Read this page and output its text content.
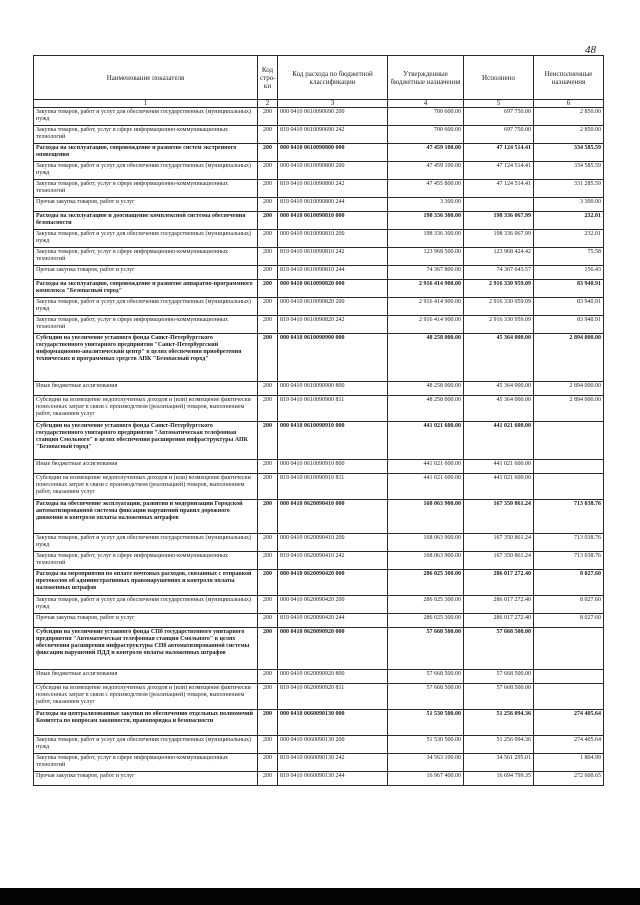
48
Наименование показателя	Код стро-ки	Код расхода по бюджетной классификации	Утвержденные бюджетные назначения	Исполнено	Неисполненные назначения
1	2	3	4	5	6
Закупка товаров, работ и услуг для обеспечения государственных (муниципальных) нужд	200	000 0410 0610090690 200	700 600.00	697 750.00	2 850.00
Закупка товаров, работ, услуг в сфере информационно-коммуникационных технологий	200	819 0410 0610090690 242	700 600.00	697 750.00	2 850.00
Расходы на эксплуатацию, сопровождение и развитие систем экстренного оповещения	200	000 0410 0610090800 000	47 459 100.00	47 124 514.41	334 585.59
Закупка товаров, работ и услуг для обеспечения государственных (муниципальных) нужд	200	000 0410 0610090800 200	47 459 100.00	47 124 514.41	334 585.59
Закупка товаров, работ, услуг в сфере информационно-коммуникационных технологий	200	819 0410 0610090800 242	47 455 800.00	47 124 514.41	331 285.59
Прочая закупка товаров, работ и услуг	200	819 0410 0610090800 244	3 300.00		3 300.00
Расходы на эксплуатацию и дооснащение комплексной системы обеспечения безопасности	200	000 0410 0610090810 000	198 336 300.00	198 336 067.99	232.01
Закупка товаров, работ и услуг для обеспечения государственных (муниципальных) нужд	200	000 0410 0610090810 200	198 336 300.00	198 336 067.99	232.01
Закупка товаров, работ, услуг в сфере информационно-коммуникационных технологий	200	819 0410 0610090810 242	123 968 500.00	123 968 424.42	75.58
Прочая закупка товаров, работ и услуг	200	819 0410 0610090810 244	74 367 800.00	74 367 643.57	156.43
Расходы на эксплуатацию, сопровождение и развитие аппаратно-программного комплекса "Безопасный город"	200	000 0410 0610090820 000	2 916 414 900.00	2 916 330 959.09	83 940.91
Закупка товаров, работ и услуг для обеспечения государственных (муниципальных) нужд	200	000 0410 0610090820 200	2 916 414 900.00	2 916 330 959.09	83 940.91
Закупка товаров, работ, услуг в сфере информационно-коммуникационных технологий	200	819 0410 0610090820 242	2 916 414 900.00	2 916 330 959.09	83 940.91
Субсидии на увеличение уставного фонда Санкт-Петербургского государственного унитарного предприятия "Санкт-Петербургский информационно-аналитический центр" в целях обеспечения приобретения технических и программных средств АПК "Безопасный город"	200	000 0410 0610090900 000	48 258 000.00	45 364 000.00	2 894 000.00
Иные бюджетные ассигнования	200	000 0410 0610090900 800	48 258 000.00	45 364 000.00	2 894 000.00
Субсидии на возмещение недополученных доходов и (или) возмещение фактически понесенных затрат в связи с производством (реализацией) товаров, выполнением работ, оказанием услуг	200	819 0410 0610090900 811	48 258 000.00	45 364 000.00	2 894 000.00
Субсидии на увеличение уставного фонда Санкт-Петербургского государственного унитарного предприятия "Автоматическая телефонная станция Смольного" в целях обеспечения расширения инфраструктуры АПК "Безопасный город"	200	000 0410 0610090910 000	441 021 600.00	441 021 600.00	
Иные бюджетные ассигнования	200	000 0410 0610090910 800	441 021 600.00	441 021 600.00	
Субсидии на возмещение недополученных доходов и (или) возмещение фактически понесенных затрат в связи с производством (реализацией) товаров, выполнением работ, оказанием услуг	200	819 0410 0610090910 811	441 021 600.00	441 021 600.00	
Расходы на обеспечение эксплуатации, развития и модернизации Городской автоматизированной системы фиксации нарушений правил дорожного движения и контроля оплаты наложенных штрафов	200	000 0410 0620090410 000	168 063 900.00	167 350 861.24	713 038.76
Закупка товаров, работ и услуг для обеспечения государственных (муниципальных) нужд	200	000 0410 0620090410 200	168 063 900.00	167 350 861.24	713 038.76
Закупка товаров, работ, услуг в сфере информационно-коммуникационных технологий	200	819 0410 0620090410 242	168 063 900.00	167 350 861.24	713 038.76
Расходы на мероприятия по оплате почтовых расходов, связанных с отправкой протоколов об административных правонарушениях и контроля оплаты наложенных штрафов	200	000 0410 0620090420 000	286 025 300.00	286 017 272.40	8 027.60
Закупка товаров, работ и услуг для обеспечения государственных (муниципальных) нужд	200	000 0410 0620090420 200	286 025 300.00	286 017 272.40	8 027.60
Прочая закупка товаров, работ и услуг	200	819 0410 0620090420 244	286 025 300.00	286 017 272.40	8 027.60
Субсидии на увеличение уставного фонда СПб государственного унитарного предприятия "Автоматическая телефонная станция Смольного" в целях обеспечения расширения инфраструктуры СПб автоматизированной системы фиксации нарушений ПДД и контроля оплаты наложенных штрафов	200	000 0410 0620090920 000	57 668 500.00	57 668 500.00	
Иные бюджетные ассигнования	200	000 0410 0620090920 800	57 668 500.00	57 668 500.00	
Субсидии на возмещение недополученных доходов и (или) возмещение фактически понесенных затрат в связи с производством (реализацией) товаров, выполнением работ, оказанием услуг	200	819 0410 0620090920 811	57 668 500.00	57 668 500.00	
Расходы на централизованные закупки по обеспечению отдельных полномочий Комитета по вопросам законности, правопорядка и безопасности	200	000 0410 0660090130 000	51 530 500.00	51 256 094.36	274 405.64
Закупка товаров, работ и услуг для обеспечения государственных (муниципальных) нужд	200	000 0410 0660090130 200	51 530 500.00	51 256 094.36	274 405.64
Закупка товаров, работ, услуг в сфере информационно-коммуникационных технологий	200	819 0410 0660090130 242	34 563 100.00	34 561 295.01	1 804.99
Прочая закупка товаров, работ и услуг	200	819 0410 0660090130 244	16 967 400.00	16 694 799.35	272 600.65
